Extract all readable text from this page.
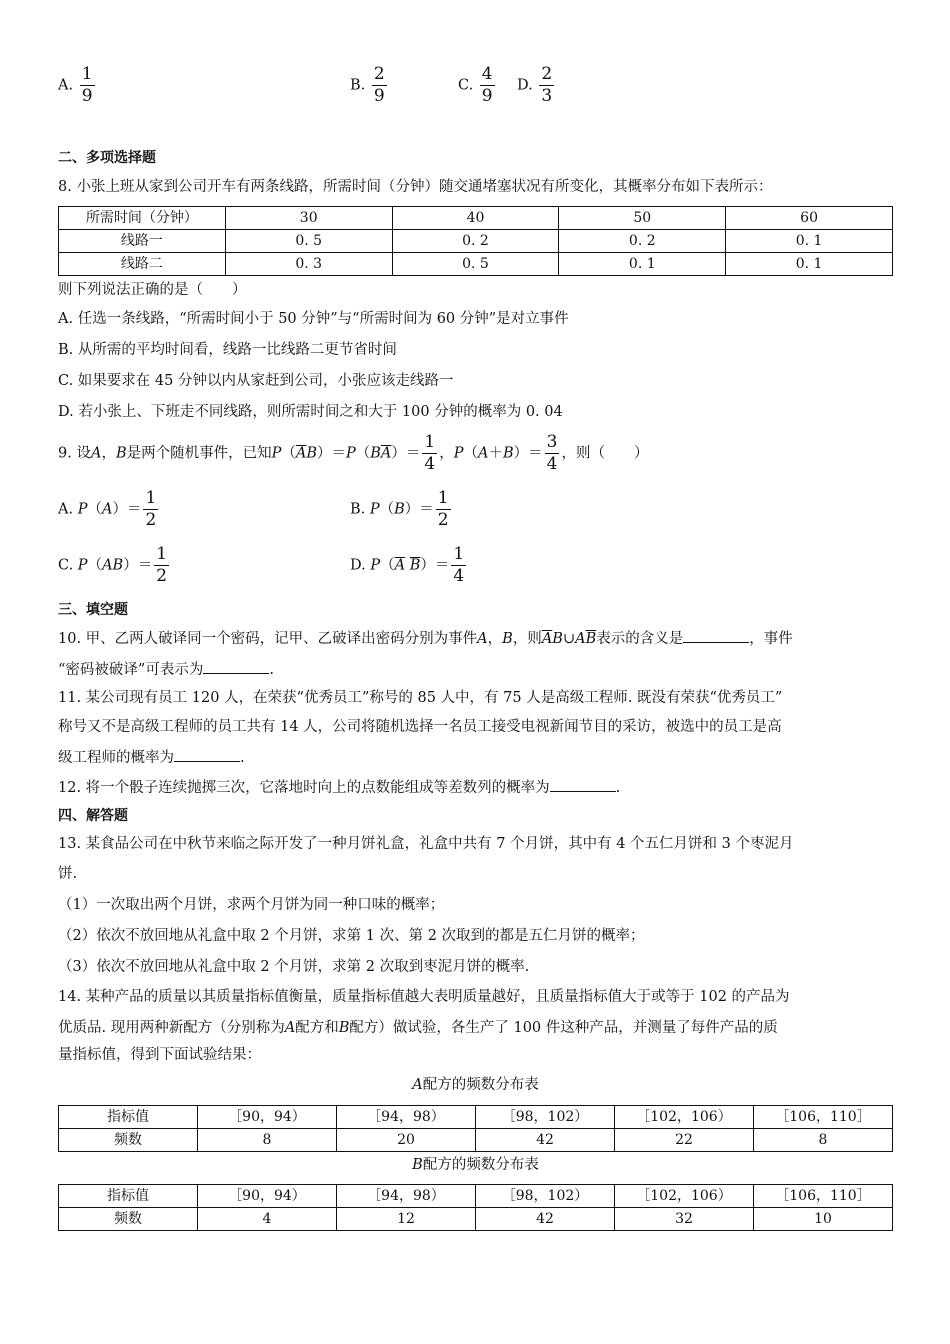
A. $\frac{1}{9}$	B. $\frac{2}{9}$	C. $\frac{4}{9} D$. $\frac{2}{3}$
二、多项选择题
8. 小张上班从家到公司开车有两条线路，所需时间（分钟）随交通堵塞状况有所变化，其概率分布如下表所示：
所需时间（分钟）	30	40	50	60
线路一	0. 5	0. 2	0. 2	0. 1
线路二	0. 3	0. 5	0. 1	0. 1
则下列说法正确的是（　　）
A. 任选一条线路，“所需时间小于 50 分钟”与“所需时间为 60 分钟”是对立事件
B. 从所需的平均时间看，线路一比线路二更节省时间
C. 如果要求在 45 分钟以内从家赶到公司，小张应该走线路一
D. 若小张上、下班走不同线路，则所需时间之和大于 100 分钟的概率为 0. 04
9. 设A，B是两个随机事件，已知$P(\overline{A}B)=P(B\overline{A})= \frac{1}{4}$ ，$P(A+B)= \frac{3}{4}$ ，则（　　）
A. $P(A)= \frac{1}{2}$	B. $P(B)= \frac{1}{2}$
C. $P(AB)= \frac{1}{2}$	D. $P(\overline{A}$ $\overline{B})= \frac{1}{4}$
三、填空题
10. 甲、乙两人破译同一个密码，记甲、乙破译出密码分别为事件A，B，则$\overline{A}B\cup A\overline{B}$表示的含义是	，事件
“密码被破译”可表示为	.
11. 某公司现有员工 120 人，在荣获“优秀员工”称号的 85 人中，有 75 人是高级工程师. 既没有荣获“优秀员工”
称号又不是高级工程师的员工共有 14 人，公司将随机选择一名员工接受电视新闻节目的采访，被选中的员工是高
级工程师的概率为	.
12. 将一个骰子连续抛掷三次，它落地时向上的点数能组成等差数列的概率为	.
四、解答题
13. 某食品公司在中秋节来临之际开发了一种月饼礼盒，礼盒中共有 7 个月饼，其中有 4 个五仁月饼和 3 个枣泥月
饼.
（1）一次取出两个月饼，求两个月饼为同一种口味的概率；
（2）依次不放回地从礼盒中取 2 个月饼，求第 1 次、第 2 次取到的都是五仁月饼的概率；
（3）依次不放回地从礼盒中取 2 个月饼，求第 2 次取到枣泥月饼的概率.
14. 某种产品的质量以其质量指标值衡量，质量指标值越大表明质量越好，且质量指标值大于或等于 102 的产品为
优质品. 现用两种新配方（分别称为A配方和B配方）做试验，各生产了 100 件这种产品，并测量了每件产品的质
量指标值，得到下面试验结果：
A配方的频数分布表
指标值	［90，94）	［94，98）	［98，102）	［102，106）	［106，110］
频数	8	20	42	22	8
B配方的频数分布表
指标值	［90，94）	［94，98）	［98，102）	［102，106）	［106，110］
频数	4	12	42	32	10
